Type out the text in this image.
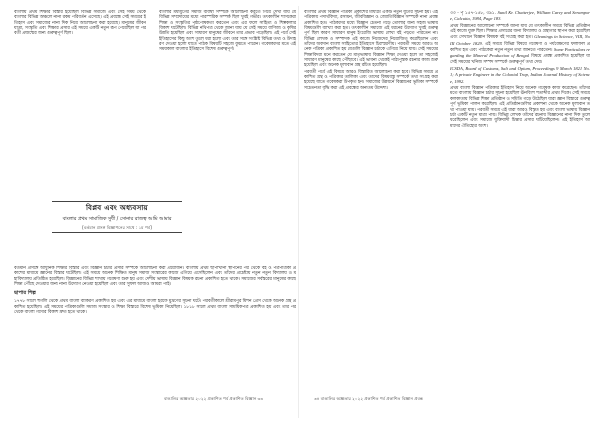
বাংলায় প্রথম শিক্ষার বিস্তার হয়েছিল বিভিন্ন সমাজে এবং সেই সময় থেকে বাংলার বিভিন্ন অঞ্চলে নানা রকম পরিবর্তন এসেছে। এই প্রবন্ধে সেই সময়ের ইতিহাস এবং সমাজের নানা দিক নিয়ে আলোচনা করা হয়েছে। মানুষের জীবনযাত্রা, সংস্কৃতি এবং শিক্ষার প্রসার এই সময়ে একটি নতুন রূপ পেয়েছিল যা পরবর্তী প্রজন্মের জন্য গুরুত্বপূর্ণ ছিল।

বাংলার মধ্যযুগের সমাজ ব্যবস্থা সম্পর্কে আলোচনা করতে গিয়ে দেখা যায় যে বিভিন্ন সম্প্রদায়ের মধ্যে পারস্পরিক সম্পর্ক ছিল খুবই গভীর। তৎকালীন শাসকেরা শিক্ষা ও সংস্কৃতির পৃষ্ঠপোষকতা করতেন এবং এর ফলে সাহিত্য ও শিল্পকলার বিকাশ ঘটেছিল। বিভিন্ন নথিপত্র থেকে জানা যায় যে সেই সময়ে বাণিজ্য ও কৃষির উন্নতি হয়েছিল এবং সাধারণ মানুষের জীবনে তার প্রভাব পড়েছিল। এই পর্বে সেই ইতিহাসের কিছু অংশ তুলে ধরা হলো এবং তার সঙ্গে সংশ্লিষ্ট বিভিন্ন তথ্য ও উদাহরণ দেওয়া হলো যাতে পাঠক বিষয়টি সহজে বুঝতে পারেন। গবেষকদের মতে এই সময়কাল বাংলার ইতিহাসে বিশেষ গুরুত্বপূর্ণ।

বিপ্লব এবং অধ্যবসায়

বাংলার প্রথম সামাজিক সুধী / সোনার রাজত্ব আমি আমার

[বর্তমান প্রসঙ্গ বিজ্ঞাপনের সাথে : ১ম পর্ব]

বর্তমান প্রসঙ্গে আধুনিক শিক্ষার বিস্তার এবং বিজ্ঞান চর্চার প্রসার সম্পর্কে আলোচনা করা প্রয়োজন। বাংলায় প্রথম ছাপাখানা স্থাপনের পর থেকে বই ও পত্রপত্রিকা প্রকাশের মাধ্যমে জ্ঞানের বিস্তার ঘটেছিল। এই সময়ে অনেক শিক্ষিত মানুষ সমাজ সংস্কারের কাজে এগিয়ে এসেছিলেন এবং তাঁদের প্রচেষ্টায় নতুন নতুন বিদ্যালয় ও মহাবিদ্যালয় প্রতিষ্ঠিত হয়েছিল। বিজ্ঞানের বিভিন্ন শাখায় গবেষণা শুরু হয় এবং দেশীয় ভাষায় বিজ্ঞান বিষয়ক রচনা প্রকাশিত হতে থাকে। সমাজের সর্বস্তরের মানুষের কাছে শিক্ষা পৌঁছে দেওয়ার জন্য নানা উদ্যোগ নেওয়া হয়েছিল এবং তার সুফল আজও আমরা পাই।

ছাপার শিল্প

১৭৭৮ সালে হুগলি থেকে প্রথম বাংলা ব্যাকরণ প্রকাশিত হয় এবং এর মাধ্যমে বাংলা হরফে মুদ্রণের সূচনা ঘটে। পরবর্তীকালে শ্রীরামপুর মিশন প্রেস থেকে অনেক গ্রন্থ প্রকাশিত হয়েছিল। এই সময়ের পত্রিকাগুলি সমাজ সংস্কার ও শিক্ষা বিস্তারে বিশেষ ভূমিকা নিয়েছিল। ১৮১৮ সালে প্রথম বাংলা সাময়িকপত্র প্রকাশিত হয় এবং তার পর থেকে বাংলা গদ্যের বিকাশ দ্রুত হতে থাকে।

বাঙালির অজ্ঞতার ২০২২ প্রকাশিত পর্ব প্রকাশিত বিজ্ঞান ৩৩

বাংলার প্রথম বিজ্ঞান পত্রিকা প্রকাশের মাধ্যমে একটি নতুন যুগের সূচনা হয়। এই পত্রিকায় পদার্থবিদ্যা, রসায়ন, জীববিজ্ঞান ও জ্যোতির্বিজ্ঞান সম্পর্কে নানা প্রবন্ধ প্রকাশিত হত। পাঠকদের মধ্যে বিজ্ঞান চেতনা গড়ে তোলার জন্য সহজ ভাষায় বিষয়গুলি ব্যাখ্যা করা হত। তৎকালীন সমাজে এই ধরনের উদ্যোগ খুবই গুরুত্বপূর্ণ ছিল কারণ সাধারণ মানুষ ইংরেজি ভাষায় লেখা বই পড়তে পারতেন না। বিভিন্ন লেখক ও সম্পাদক এই কাজে নিজেদের নিয়োজিত করেছিলেন এবং তাঁদের অবদান বাংলা সাহিত্যের ইতিহাসে চিরস্মরণীয়। পরবর্তী সময়ে আরও অনেক পত্রিকা প্রকাশিত হয় যেগুলি বিজ্ঞান চর্চাকে এগিয়ে নিয়ে যায়। সেই সময়ের শিক্ষাবিদরা মনে করতেন যে মাতৃভাষায় বিজ্ঞান শিক্ষা দেওয়া হলে তা সহজেই সাধারণ মানুষের কাছে পৌঁছাবে। এই ভাবনা থেকেই পাঠ্যপুস্তক রচনার কাজ শুরু হয়েছিল এবং অনেক মূল্যবান গ্রন্থ রচিত হয়েছিল।

পরবর্তী পর্বে এই বিষয়ে আরও বিস্তারিত আলোচনা করা হবে। বিভিন্ন সময়ে প্রকাশিত গ্রন্থ ও পত্রিকার তালিকা এবং তাদের বিষয়বস্তু সম্পর্কে তথ্য সংগ্রহ করা হয়েছে যাতে গবেষকরা উপকৃত হন। সমাজের উন্নয়নে বিজ্ঞানের ভূমিকা সম্পর্কে সচেতনতা বৃদ্ধি করা এই প্রবন্ধের অন্যতম উদ্দেশ্য।

৩৩ - পৃ ১৫৭-১৫৮, ৩৯১. Sunil Kr. Chatterjee, William Carey and Serampore, Calcutta, 1984, Page 183.

প্রথম বিজ্ঞানের আলোচনা সম্পর্কে জানা যায় যে তৎকালীন সময়ে বিভিন্ন প্রতিষ্ঠান এই কাজে যুক্ত ছিল। শিক্ষার প্রসারের জন্য বিদ্যালয় ও গ্রন্থাগার স্থাপন করা হয়েছিল এবং সেখানে বিজ্ঞান বিষয়ক বই সংগ্রহ করা হত। Gleanings in Science, VIII, No III October 1829. এই সময়ে বিভিন্ন বিষয়ে গবেষণা ও পর্যবেক্ষণের ফলাফল প্রকাশিত হত এবং পাঠকেরা নতুন নতুন তথ্য জানতে পারতেন। Some Particulars regarding the Mineral Production of Bengal বিষয়ে প্রবন্ধ প্রকাশিত হয়েছিল যা সেই সময়ের খনিজ সম্পদ সম্পর্কে গুরুত্বপূর্ণ তথ্য দেয়।

ICSDA, Board of Customs, Salt and Opium, Proceedings 9 March 1821 No.1; A private Engineer in the Colonial Trap, Indian Journal History of Science, 1992.

প্রথম বাংলা বিজ্ঞান পত্রিকার ইতিহাস নিয়ে অনেক গবেষক কাজ করেছেন। তাঁদের মতে বাংলায় বিজ্ঞান চর্চার সূচনা হয়েছিল ঊনবিংশ শতাব্দীর প্রথম দিকে। সেই সময়ে কলকাতায় বিভিন্ন শিক্ষা প্রতিষ্ঠান ও সমিতি গড়ে উঠেছিল যারা জ্ঞান বিস্তারে গুরুত্বপূর্ণ ভূমিকা পালন করেছিল। এই প্রতিষ্ঠানগুলির প্রকাশনা থেকে অনেক মূল্যবান তথ্য পাওয়া যায়। পরবর্তী সময়ে এই ধারা আরও বিস্তৃত হয় এবং বাংলা ভাষায় বিজ্ঞান চর্চা একটি নতুন মাত্রা পায়। বিভিন্ন লেখক তাঁদের রচনায় বিজ্ঞানের নানা দিক তুলে ধরেছিলেন এবং সমাজে যুক্তিবাদী চিন্তার প্রসার ঘটিয়েছিলেন। এই ইতিহাস আমাদের ঐতিহ্যের অংশ।

৩৪ বাঙালির অজ্ঞতার ২০২২ প্রকাশিত পর্ব প্রকাশিত বিজ্ঞান প্রবন্ধ
